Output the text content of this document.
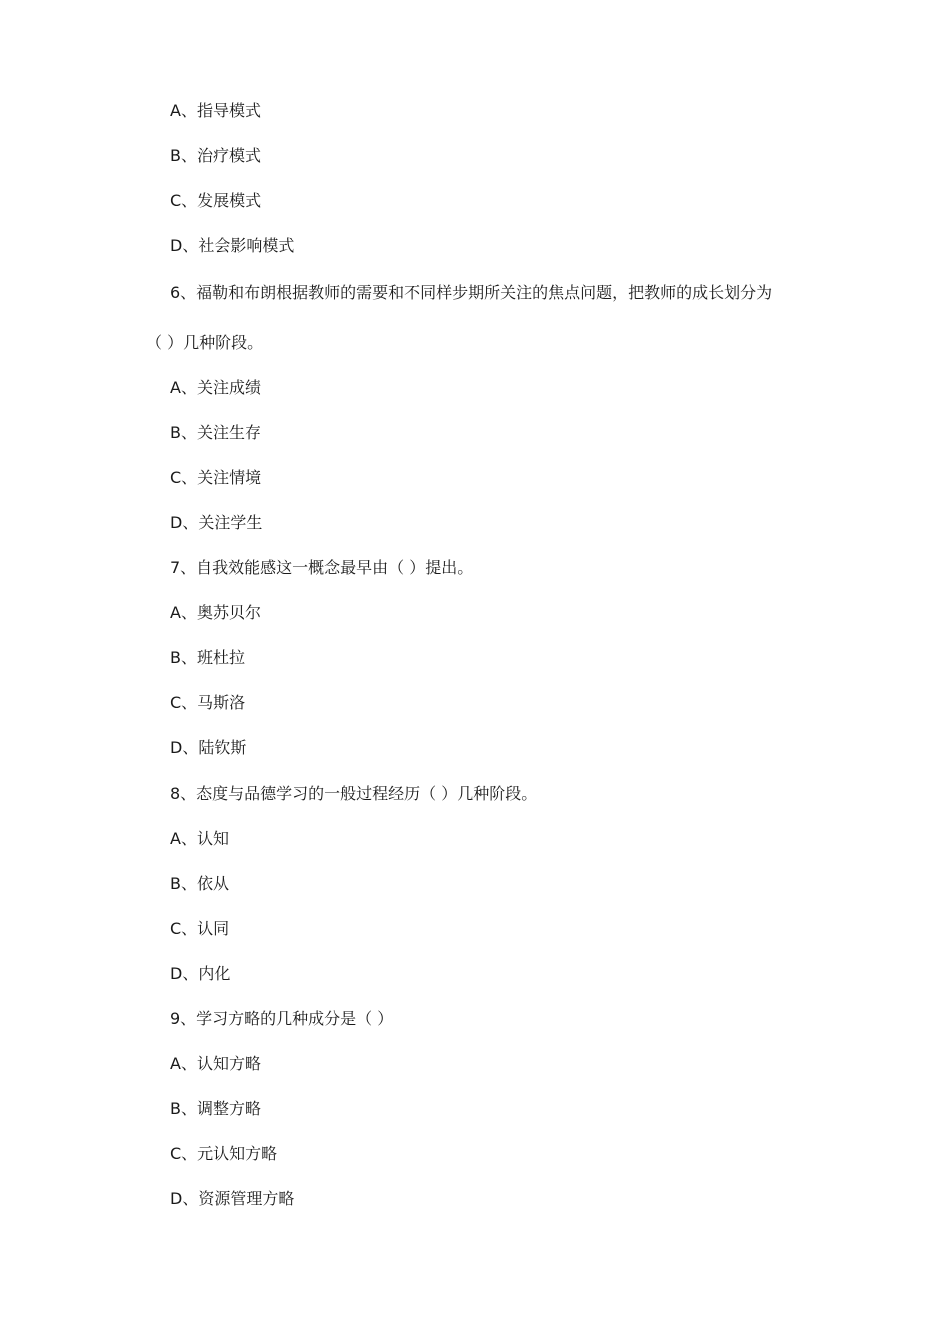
A、指导模式
B、治疗模式
C、发展模式
D、社会影响模式
6、福勒和布朗根据教师的需要和不同样步期所关注的焦点问题，把教师的成长划分为
（ ）几种阶段。
A、关注成绩
B、关注生存
C、关注情境
D、关注学生
7、自我效能感这一概念最早由（ ）提出。
A、奥苏贝尔
B、班杜拉
C、马斯洛
D、陆钦斯
8、态度与品德学习的一般过程经历（ ）几种阶段。
A、认知
B、依从
C、认同
D、内化
9、学习方略的几种成分是（ ）
A、认知方略
B、调整方略
C、元认知方略
D、资源管理方略
